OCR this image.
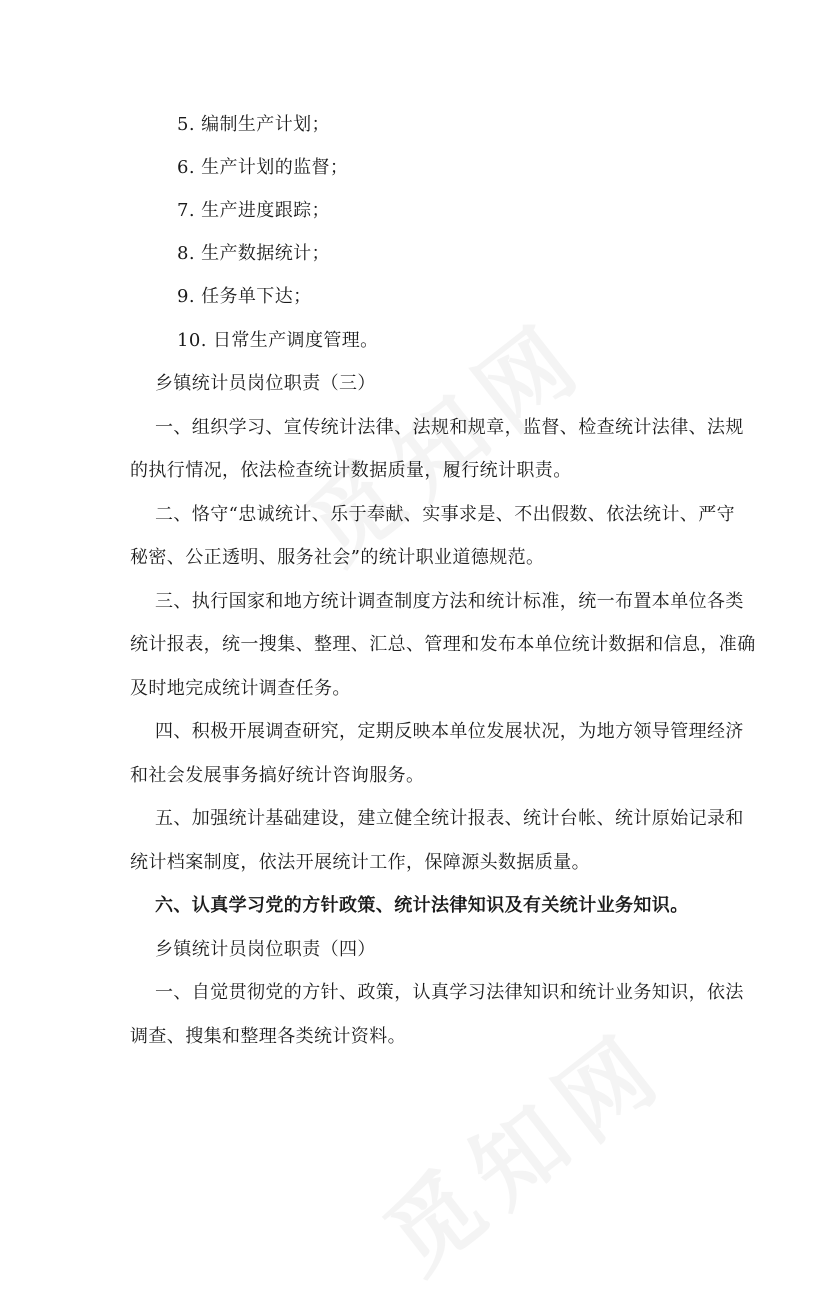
5. 编制生产计划；
6. 生产计划的监督；
7. 生产进度跟踪；
8. 生产数据统计；
9. 任务单下达；
10. 日常生产调度管理。
乡镇统计员岗位职责（三）
一、组织学习、宣传统计法律、法规和规章，监督、检查统计法律、法规
的执行情况，依法检查统计数据质量，履行统计职责。
二、恪守“忠诚统计、乐于奉献、实事求是、不出假数、依法统计、严守
秘密、公正透明、服务社会”的统计职业道德规范。
三、执行国家和地方统计调查制度方法和统计标准，统一布置本单位各类
统计报表，统一搜集、整理、汇总、管理和发布本单位统计数据和信息，准确
及时地完成统计调查任务。
四、积极开展调查研究，定期反映本单位发展状况，为地方领导管理经济
和社会发展事务搞好统计咨询服务。
五、加强统计基础建设，建立健全统计报表、统计台帐、统计原始记录和
统计档案制度，依法开展统计工作，保障源头数据质量。
六、认真学习党的方针政策、统计法律知识及有关统计业务知识。
乡镇统计员岗位职责（四）
一、自觉贯彻党的方针、政策，认真学习法律知识和统计业务知识，依法
调查、搜集和整理各类统计资料。
